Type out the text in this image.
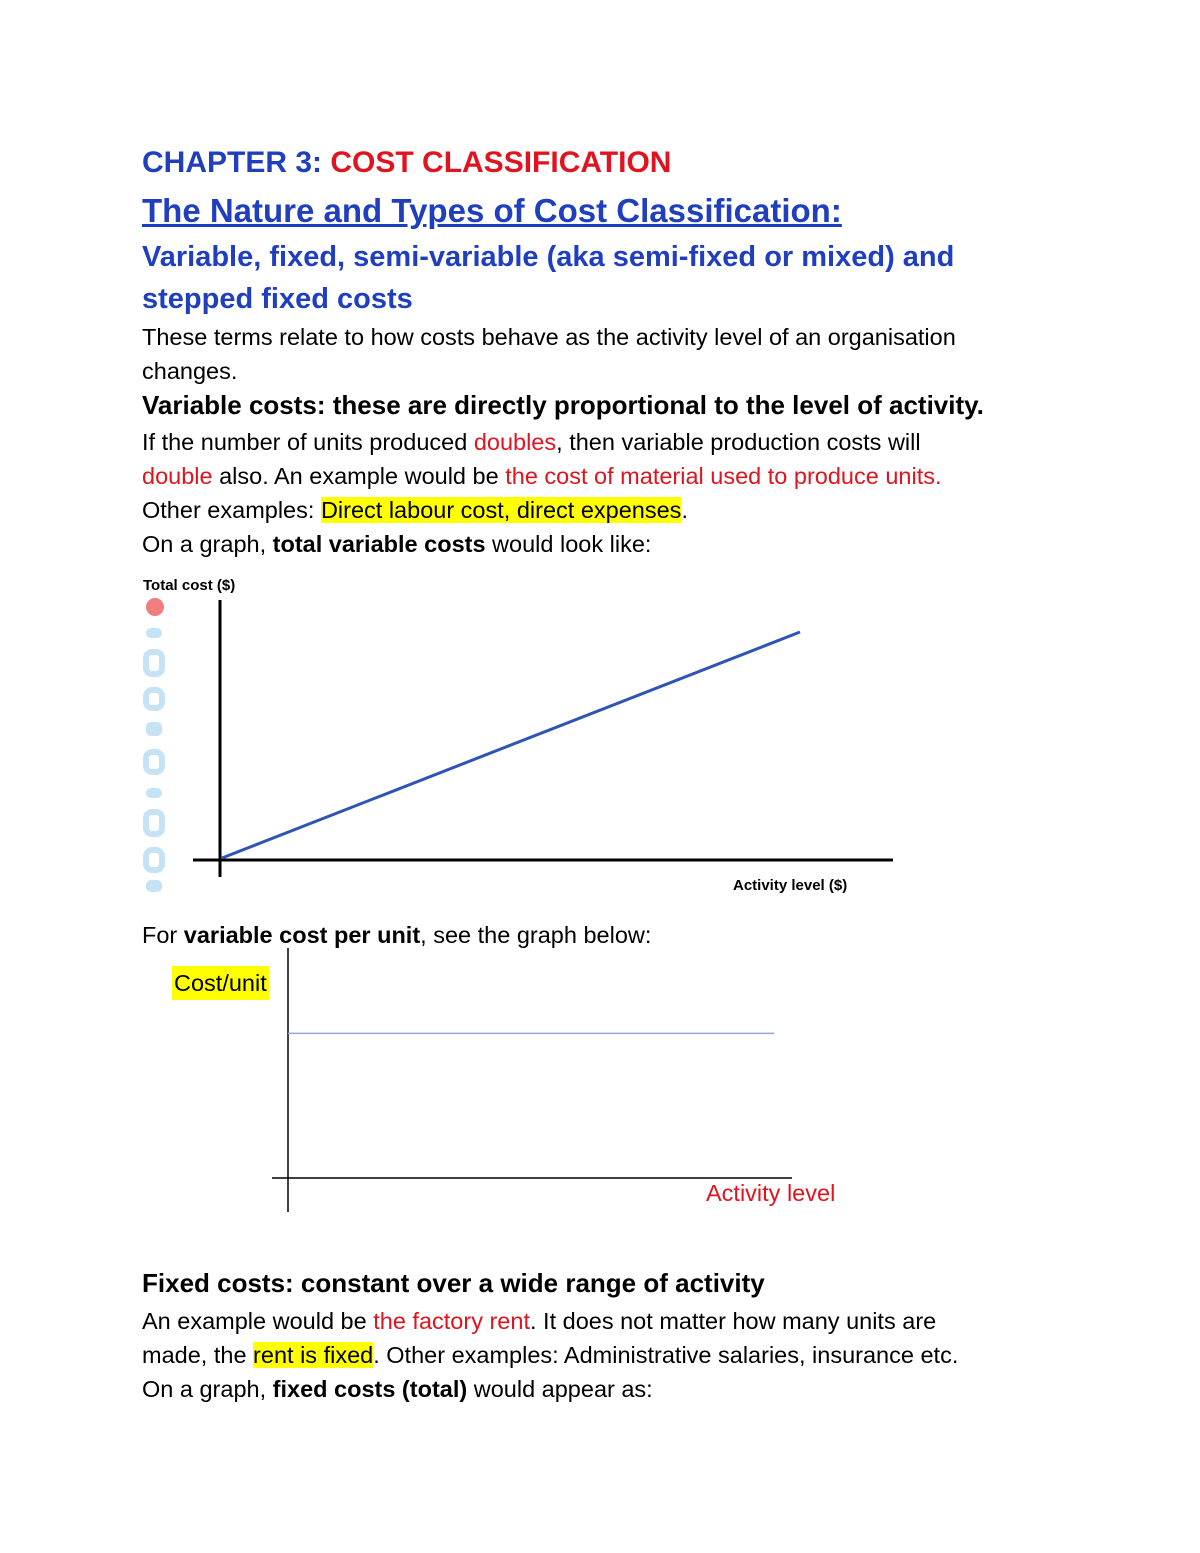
CHAPTER 3: COST CLASSIFICATION
The Nature and Types of Cost Classification:
Variable, fixed, semi-variable (aka semi-fixed or mixed) and
stepped fixed costs
These terms relate to how costs behave as the activity level of an organisation
changes.
Variable costs: these are directly proportional to the level of activity.
If the number of units produced doubles, then variable production costs will
double also. An example would be the cost of material used to produce units.
Other examples: Direct labour cost, direct expenses.
On a graph, total variable costs would look like:
Total cost ($)
Activity level ($)
For variable cost per unit, see the graph below:
Cost/unit
Activity level
Fixed costs: constant over a wide range of activity
An example would be the factory rent. It does not matter how many units are
made, the rent is fixed. Other examples: Administrative salaries, insurance etc.
On a graph, fixed costs (total) would appear as:
